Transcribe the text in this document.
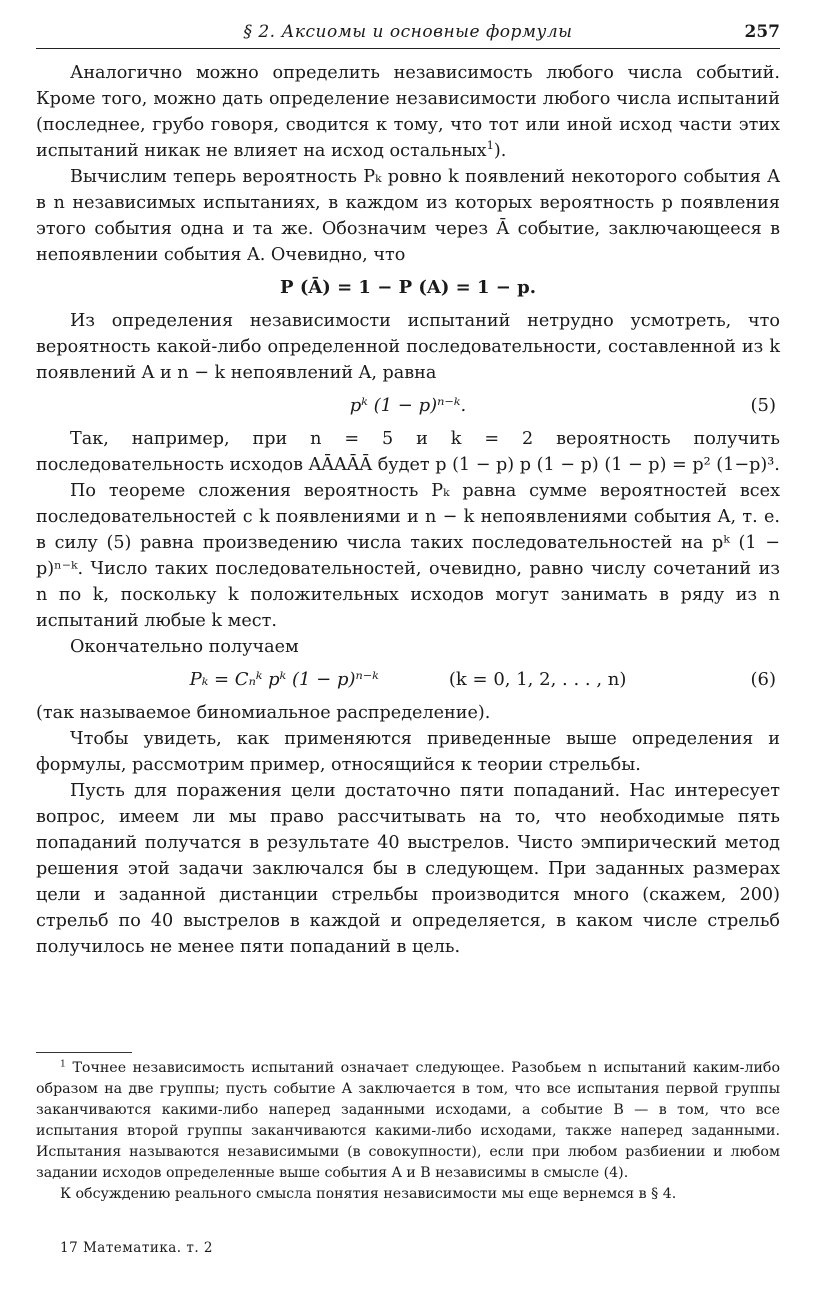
§ 2. Аксиомы и основные формулы	257

Аналогично можно определить независимость любого числа событий. Кроме того, можно дать определение независимости любого числа испытаний (последнее, грубо говоря, сводится к тому, что тот или иной исход части этих испытаний никак не влияет на исход остальных$^1$).

Вычислим теперь вероятность Pₖ ровно k появлений некоторого события A в n независимых испытаниях, в каждом из которых вероятность p появления этого события одна и та же. Обозначим через Ā событие, заключающееся в непоявлении события A. Очевидно, что

P (Ā) = 1 − P (A) = 1 − p.

Из определения независимости испытаний нетрудно усмотреть, что вероятность какой-либо определенной последовательности, составленной из k появлений A и n − k непоявлений A, равна

pᵏ (1 − p)ⁿ⁻ᵏ.	(5)

Так, например, при n = 5 и k = 2 вероятность получить последовательность исходов AĀAĀĀ будет p (1 − p) p (1 − p) (1 − p) = p² (1−p)³.

По теореме сложения вероятность Pₖ равна сумме вероятностей всех последовательностей с k появлениями и n − k непоявлениями события A, т. е. в силу (5) равна произведению числа таких последовательностей на pᵏ (1 − p)ⁿ⁻ᵏ. Число таких последовательностей, очевидно, равно числу сочетаний из n по k, поскольку k положительных исходов могут занимать в ряду из n испытаний любые k мест.

Окончательно получаем

Pₖ = Cₙᵏ pᵏ (1 − p)ⁿ⁻ᵏ	(k = 0, 1, 2, . . . , n)	(6)

(так называемое биномиальное распределение).

Чтобы увидеть, как применяются приведенные выше определения и формулы, рассмотрим пример, относящийся к теории стрельбы.

Пусть для поражения цели достаточно пяти попаданий. Нас интересует вопрос, имеем ли мы право рассчитывать на то, что необходимые пять попаданий получатся в результате 40 выстрелов. Чисто эмпирический метод решения этой задачи заключался бы в следующем. При заданных размерах цели и заданной дистанции стрельбы производится много (скажем, 200) стрельб по 40 выстрелов в каждой и определяется, в каком числе стрельб получилось не менее пяти попаданий в цель.

$^1$ Точнее независимость испытаний означает следующее. Разобьем n испытаний каким-либо образом на две группы; пусть событие A заключается в том, что все испытания первой группы заканчиваются какими-либо наперед заданными исходами, а событие B — в том, что все испытания второй группы заканчиваются какими-либо исходами, также наперед заданными. Испытания называются независимыми (в совокупности), если при любом разбиении и любом задании исходов определенные выше события A и B независимы в смысле (4).

К обсуждению реального смысла понятия независимости мы еще вернемся в § 4.

17 Математика. т. 2
